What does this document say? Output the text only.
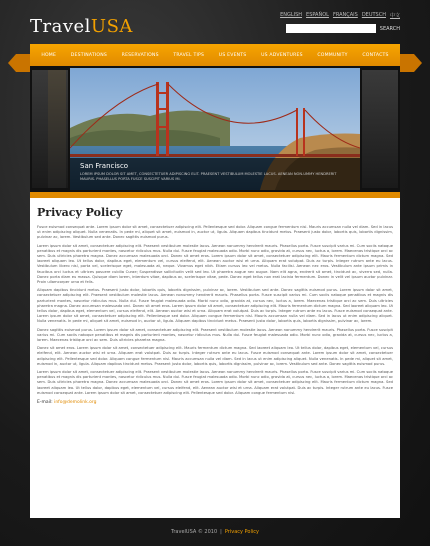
TravelUSA
ENGLISH ESPAÑOL FRANÇAIS DEUTSCH 中文
SEARCH
HOME	DESTINATIONS	RESERVATIONS	TRAVEL TIPS	US EVENTS	US ADVENTURES	COMMUNITY	CONTACTS
San Francisco
LOREM IPSUM DOLOR SIT AMET, CONSECTETUER ADIPISCING ELIT. PRAESENT VESTIBULUM MOLESTIE LACUS. AENEAN NON-UMMY HENDRERIT MAURIS. PHASELLUS PORTA FUSCE SUSCIPIT VARIUS MI.
Privacy Policy

Fusce euismod consequat ante. Lorem ipsum dolor sit amet, consectetuer adipiscing elit. Pellentesque sed dolor. Aliquam congue fermentum nisl. Mauris accumsan nulla vel diam. Sed in lacus ut enim adipiscing aliquet. Nulla venenatis. In pede mi, aliquet sit amet, euismod in, auctor ut, ligula. Aliquam dapibus tincidunt metus. Praesent justo dolor, lobortis quis, lobortis dignissim, pulvinar ac, lorem. Vestibulum sed ante. Donec sagittis euismod purus.

Lorem ipsum dolor sit amet, consectetuer adipiscing elit. Praesent vestibulum molestie lacus. Aenean nonummy hendrerit mauris. Phasellus porta. Fusce suscipit varius mi. Cum sociis natoque penatibus et magnis dis parturient montes, nascetur ridiculus mus. Nulla dui. Fusce feugiat malesuada odio. Morbi nunc odio, gravida at, cursus nec, luctus a, lorem. Maecenas tristique orci ac sem. Duis ultricies pharetra magna. Donec accumsan malesuada orci. Donec sit amet eros. Lorem ipsum dolor sit amet, consectetuer adipiscing elit. Mauris fermentum dictum magna. Sed laoreet aliquam leo. Ut tellus dolor, dapibus eget, elementum vel, cursus eleifend, elit. Aenean auctor wisi et urna. Aliquam erat volutpat. Duis ac turpis. Integer rutrum ante eu lacus. Vestibulum libero nisl, porta vel, scelerisque eget, malesuada at, neque. Vivamus eget nibh. Etiam cursus leo vel metus. Nulla facilisi. Aenean nec eros. Vestibulum ante ipsum primis in faucibus orci luctus et ultrices posuere cubilia Curae; Suspendisse sollicitudin velit sed leo. Ut pharetra augue nec augue. Nam elit agna, endrerit sit amet, tincidunt ac, viverra sed, nulla. Donec porta diam eu massa. Quisque diam lorem, interdum vitae, dapibus ac, scelerisque vitae, pede. Donec eget tellus non erat lacinia fermentum. Donec in velit vel ipsum auctor pulvinar. Proin ullamcorper urna et felis.

Aliquam dapibus tincidunt metus. Praesent justo dolor, lobortis quis, lobortis dignissim, pulvinar ac, lorem. Vestibulum sed ante. Donec sagittis euismod purus. Lorem ipsum dolor sit amet, consectetuer adipiscing elit. Praesent vestibulum molestie lacus. Aenean nonummy hendrerit mauris. Phasellus porta. Fusce suscipit varius mi. Cum sociis natoque penatibus et magnis dis parturient montes, nascetur ridiculus mus. Nulla dui. Fusce feugiat malesuada odio. Morbi nunc odio, gravida at, cursus nec, luctus a, lorem. Maecenas tristique orci ac sem. Duis ultricies pharetra magna. Donec accumsan malesuada orci. Donec sit amet eros. Lorem ipsum dolor sit amet, consectetuer adipiscing elit. Mauris fermentum dictum magna. Sed laoreet aliquam leo. Ut tellus dolor, dapibus eget, elementum vel, cursus eleifend, elit. Aenean auctor wisi et urna. Aliquam erat volutpat. Duis ac turpis. Integer rutrum ante eu lacus. Fusce euismod consequat ante. Lorem ipsum dolor sit amet, consectetuer adipiscing elit. Pellentesque sed dolor. Aliquam congue fermentum nisl. Mauris accumsan nulla vel diam. Sed in lacus ut enim adipiscing aliquet. Nulla venenatis. In pede mi, aliquet sit amet, euismod in, auctor ut, ligula. Aliquam dapibus tincidunt metus. Praesent justo dolor, lobortis quis, lobortis dignissim, pulvinar ac, lorem.

Donec sagittis euismod purus. Lorem ipsum dolor sit amet, consectetuer adipiscing elit. Praesent vestibulum molestie lacus. Aenean nonummy hendrerit mauris. Phasellus porta. Fusce suscipit varius mi. Cum sociis natoque penatibus et magnis dis parturient montes, nascetur ridiculus mus. Nulla dui. Fusce feugiat malesuada odio. Morbi nunc odio, gravida at, cursus nec, luctus a, lorem. Maecenas tristique orci ac sem. Duis ultricies pharetra magna.

Donec sit amet eros. Lorem ipsum dolor sit amet, consectetuer adipiscing elit. Mauris fermentum dictum magna. Sed laoreet aliquam leo. Ut tellus dolor, dapibus eget, elementum vel, cursus eleifend, elit. Aenean auctor wisi et urna. Aliquam erat volutpat. Duis ac turpis. Integer rutrum ante eu lacus. Fusce euismod consequat ante. Lorem ipsum dolor sit amet, consectetuer adipiscing elit. Pellentesque sed dolor. Aliquam congue fermentum nisl. Mauris accumsan nulla vel diam. Sed in lacus ut enim adipiscing aliquet. Nulla venenatis. In pede mi, aliquet sit amet, euismod in, auctor ut, ligula. Aliquam dapibus tincidunt metus. Praesent justo dolor, lobortis quis, lobortis dignissim, pulvinar ac, lorem. Vestibulum sed ante. Donec sagittis euismod purus.

Lorem ipsum dolor sit amet, consectetuer adipiscing elit. Praesent vestibulum molestie lacus. Aenean nonummy hendrerit mauris. Phasellus porta. Fusce suscipit varius mi. Cum sociis natoque penatibus et magnis dis parturient montes, nascetur ridiculus mus. Nulla dui. Fusce feugiat malesuada odio. Morbi nunc odio, gravida at, cursus nec, luctus a, lorem. Maecenas tristique orci ac sem. Duis ultricies pharetra magna. Donec accumsan malesuada orci. Donec sit amet eros. Lorem ipsum dolor sit amet, consectetuer adipiscing elit. Mauris fermentum dictum magna. Sed laoreet aliquam leo. Ut tellus dolor, dapibus eget, elementum vel, cursus eleifend, elit. Aenean auctor wisi et urna. Aliquam erat volutpat. Duis ac turpis. Integer rutrum ante eu lacus. Fusce euismod consequat ante. Lorem ipsum dolor sit amet, consectetuer adipiscing elit. Pellentesque sed dolor. Aliquam congue fermentum nisl.

E-mail: info@demolink.org
TravelUSA © 2010 | Privacy Policy
